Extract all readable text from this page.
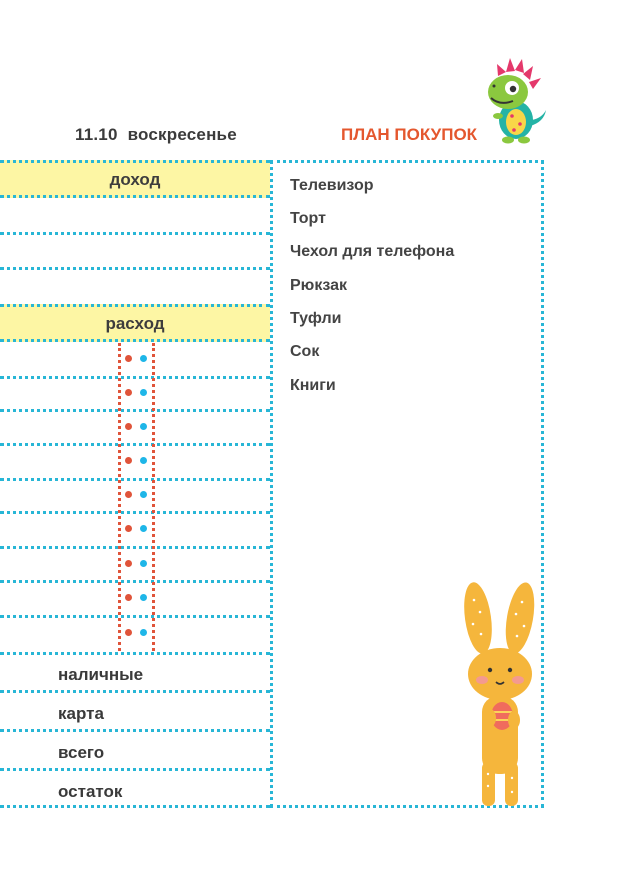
11.10 воскресенье	ПЛАН ПОКУПОК
доход
расход
наличные
карта
всего
остаток
Телевизор
Торт
Чехол для телефона
Рюкзак
Туфли
Сок
Книги
